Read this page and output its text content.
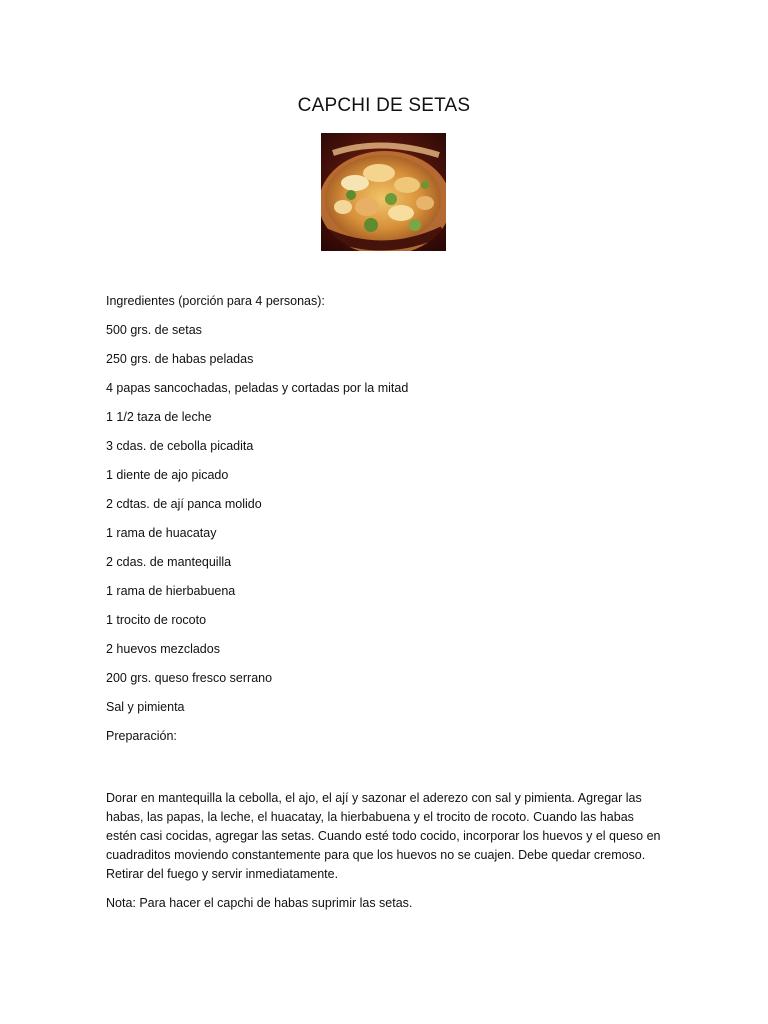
CAPCHI DE SETAS

Ingredientes (porción para 4 personas):

500 grs. de setas
250 grs. de habas peladas
4 papas sancochadas, peladas y cortadas por la mitad
1 1/2 taza de leche
3 cdas. de cebolla picadita
1 diente de ajo picado
2 cdtas. de ají panca molido
1 rama de huacatay
2 cdas. de mantequilla
1 rama de hierbabuena
1 trocito de rocoto
2 huevos mezclados
200 grs. queso fresco serrano
Sal y pimienta

Preparación:

Dorar en mantequilla la cebolla, el ajo, el ají y sazonar el aderezo con sal y pimienta. Agregar las habas, las papas, la leche, el huacatay, la hierbabuena y el trocito de rocoto. Cuando las habas estén casi cocidas, agregar las setas. Cuando esté todo cocido, incorporar los huevos y el queso en cuadraditos moviendo constantemente para que los huevos no se cuajen. Debe quedar cremoso. Retirar del fuego y servir inmediatamente.

Nota: Para hacer el capchi de habas suprimir las setas.
